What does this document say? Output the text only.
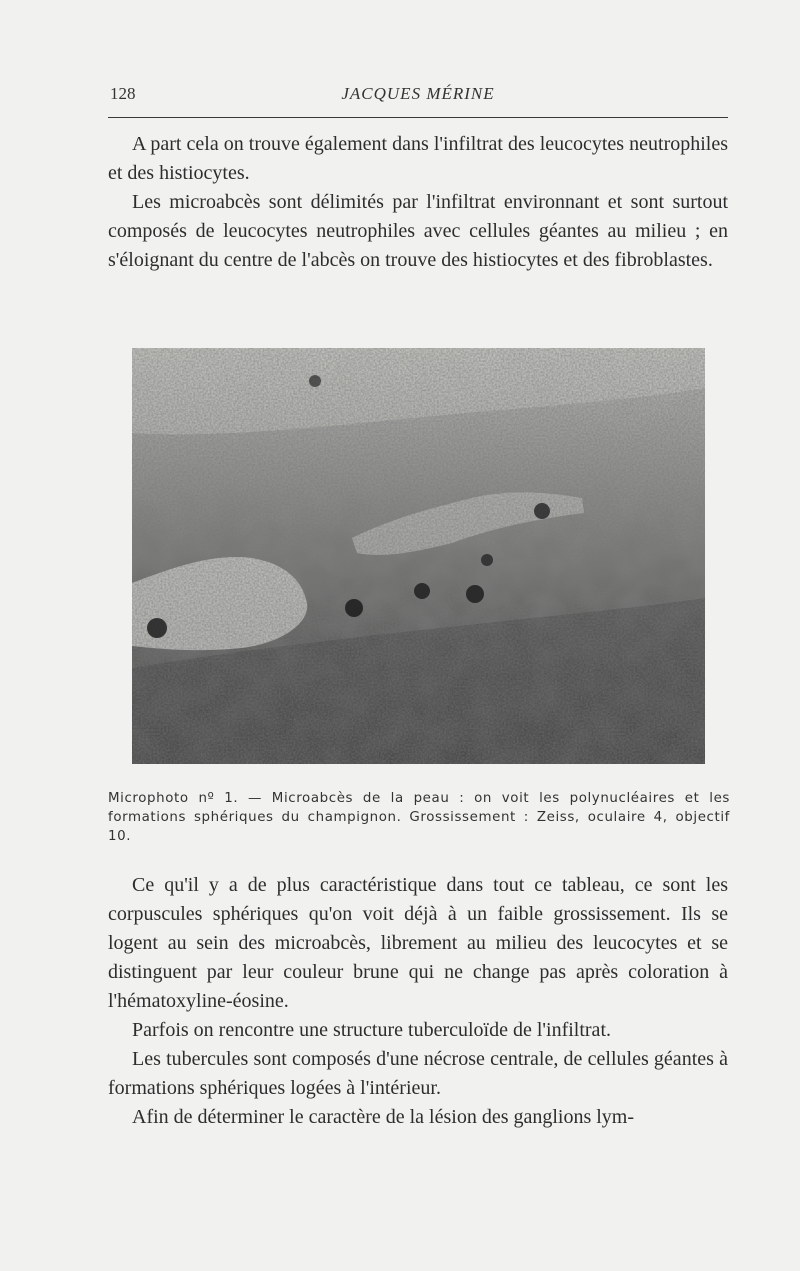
128	JACQUES MÉRINE

A part cela on trouve également dans l'infiltrat des leucocytes neutrophiles et des histiocytes.

Les microabcès sont délimités par l'infiltrat environnant et sont surtout composés de leucocytes neutrophiles avec cellules géantes au milieu ; en s'éloignant du centre de l'abcès on trouve des histiocytes et des fibroblastes.

Microphoto nº 1. — Microabcès de la peau : on voit les polynucléaires et les formations sphériques du champignon. Grossissement : Zeiss, oculaire 4, objectif 10.

Ce qu'il y a de plus caractéristique dans tout ce tableau, ce sont les corpuscules sphériques qu'on voit déjà à un faible grossissement. Ils se logent au sein des microabcès, librement au milieu des leucocytes et se distinguent par leur couleur brune qui ne change pas après coloration à l'hématoxyline-éosine.

Parfois on rencontre une structure tuberculoïde de l'infiltrat.

Les tubercules sont composés d'une nécrose centrale, de cellules géantes à formations sphériques logées à l'intérieur.

Afin de déterminer le caractère de la lésion des ganglions lym-
